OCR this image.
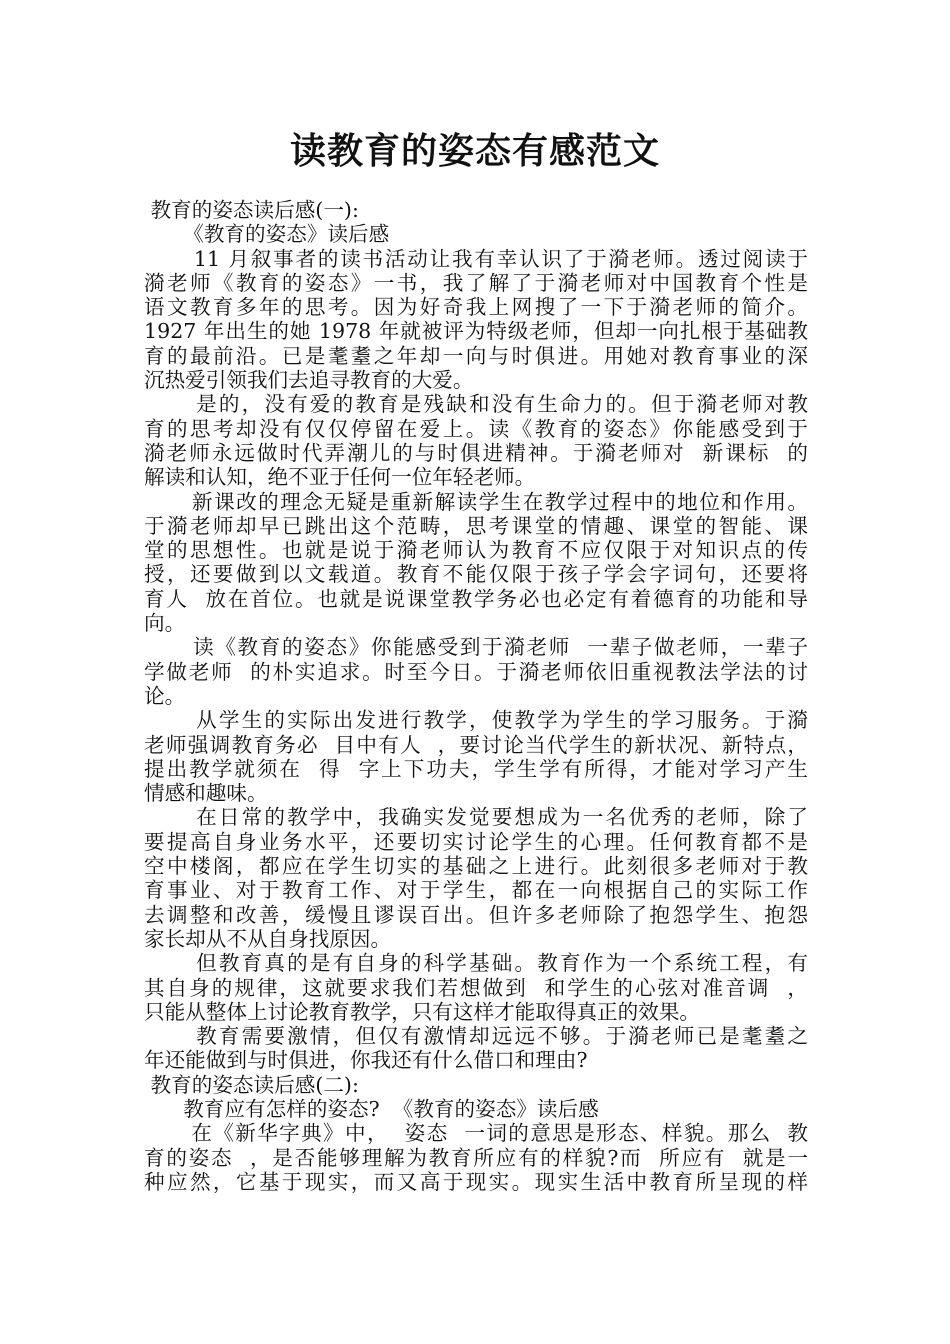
读教育的姿态有感范文
教育的姿态读后感(一):
《教育的姿态》读后感
11 月叙事者的读书活动让我有幸认识了于漪老师。透过阅读于
漪老师《教育的姿态》一书，我了解了于漪老师对中国教育个性是
语文教育多年的思考。因为好奇我上网搜了一下于漪老师的简介。
1927 年出生的她 1978 年就被评为特级老师，但却一向扎根于基础教
育的最前沿。已是耄耋之年却一向与时俱进。用她对教育事业的深
沉热爱引领我们去追寻教育的大爱。
是的，没有爱的教育是残缺和没有生命力的。但于漪老师对教
育的思考却没有仅仅停留在爱上。读《教育的姿态》你能感受到于
漪老师永远做时代弄潮儿的与时俱进精神。于漪老师对  新课标  的
解读和认知，绝不亚于任何一位年轻老师。
新课改的理念无疑是重新解读学生在教学过程中的地位和作用。
于漪老师却早已跳出这个范畴，思考课堂的情趣、课堂的智能、课
堂的思想性。也就是说于漪老师认为教育不应仅限于对知识点的传
授，还要做到以文载道。教育不能仅限于孩子学会字词句，还要将
育人  放在首位。也就是说课堂教学务必也必定有着德育的功能和导
向。
读《教育的姿态》你能感受到于漪老师  一辈子做老师，一辈子
学做老师  的朴实追求。时至今日。于漪老师依旧重视教法学法的讨
论。
从学生的实际出发进行教学，使教学为学生的学习服务。于漪
老师强调教育务必  目中有人  ，要讨论当代学生的新状况、新特点，
提出教学就须在  得  字上下功夫，学生学有所得，才能对学习产生
情感和趣味。
在日常的教学中，我确实发觉要想成为一名优秀的老师，除了
要提高自身业务水平，还要切实讨论学生的心理。任何教育都不是
空中楼阁，都应在学生切实的基础之上进行。此刻很多老师对于教
育事业、对于教育工作、对于学生，都在一向根据自己的实际工作
去调整和改善，缓慢且谬误百出。但许多老师除了抱怨学生、抱怨
家长却从不从自身找原因。
但教育真的是有自身的科学基础。教育作为一个系统工程，有
其自身的规律，这就要求我们若想做到  和学生的心弦对准音调  ，
只能从整体上讨论教育教学，只有这样才能取得真正的效果。
教育需要激情，但仅有激情却远远不够。于漪老师已是耄耋之
年还能做到与时俱进，你我还有什么借口和理由?
教育的姿态读后感(二):
教育应有怎样的姿态?  《教育的姿态》读后感
在《新华字典》中，  姿态  一词的意思是形态、样貌。那么  教
育的姿态  ，是否能够理解为教育所应有的样貌?而  所应有  就是一
种应然，它基于现实，而又高于现实。现实生活中教育所呈现的样
